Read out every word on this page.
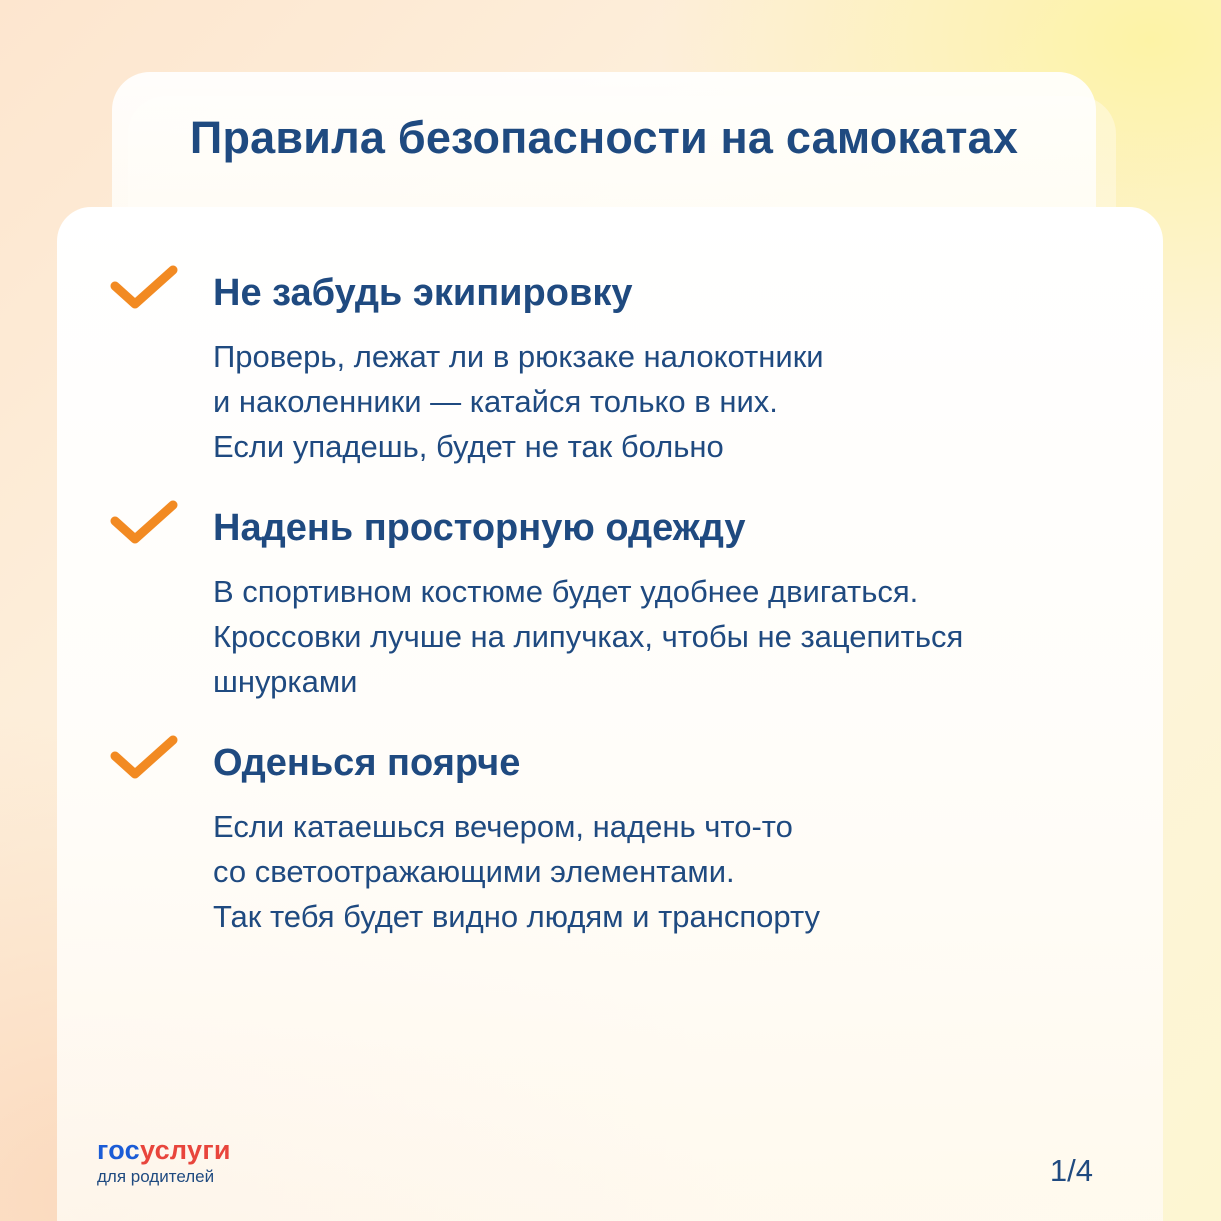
Правила безопасности на самокатах
Не забудь экипировку
Проверь, лежат ли в рюкзаке налокотники
и наколенники — катайся только в них.
Если упадешь, будет не так больно
Надень просторную одежду
В спортивном костюме будет удобнее двигаться.
Кроссовки лучше на липучках, чтобы не зацепиться
шнурками
Оденься поярче
Если катаешься вечером, надень что-то
со светоотражающими элементами.
Так тебя будет видно людям и транспорту
госуслуги
для родителей	1/4
